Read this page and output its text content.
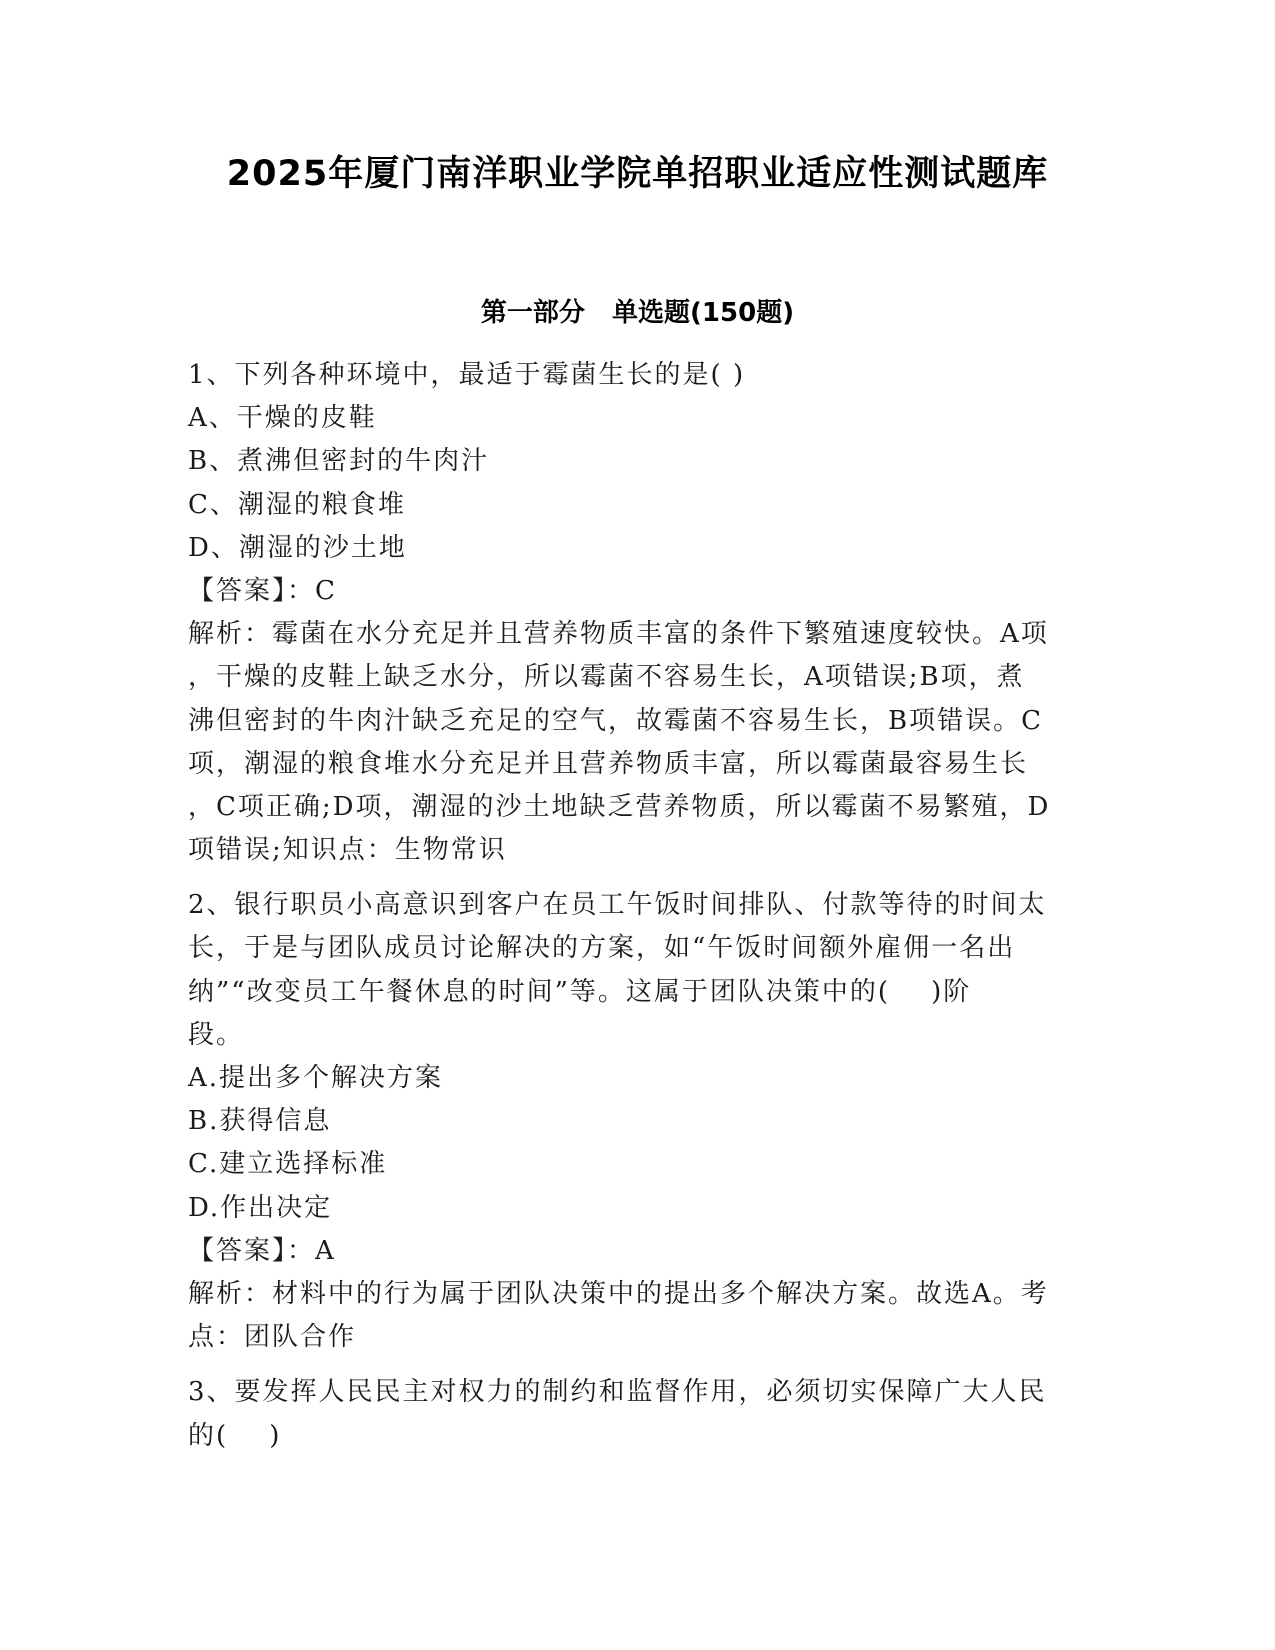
2025年厦门南洋职业学院单招职业适应性测试题库
第一部分   单选题(150题)
1、下列各种环境中，最适于霉菌生长的是( )
A、干燥的皮鞋
B、煮沸但密封的牛肉汁
C、潮湿的粮食堆
D、潮湿的沙土地
【答案】：C
解析：霉菌在水分充足并且营养物质丰富的条件下繁殖速度较快。A项
，干燥的皮鞋上缺乏水分，所以霉菌不容易生长，A项错误;B项，煮
沸但密封的牛肉汁缺乏充足的空气，故霉菌不容易生长，B项错误。C
项，潮湿的粮食堆水分充足并且营养物质丰富，所以霉菌最容易生长
，C项正确;D项，潮湿的沙土地缺乏营养物质，所以霉菌不易繁殖，D
项错误;知识点：生物常识
2、银行职员小高意识到客户在员工午饭时间排队、付款等待的时间太
长，于是与团队成员讨论解决的方案，如“午饭时间额外雇佣一名出
纳”“改变员工午餐休息的时间”等。这属于团队决策中的(    )阶
段。
A.提出多个解决方案
B.获得信息
C.建立选择标准
D.作出决定
【答案】：A
解析：材料中的行为属于团队决策中的提出多个解决方案。故选A。考
点：团队合作
3、要发挥人民民主对权力的制约和监督作用，必须切实保障广大人民
的(    )
